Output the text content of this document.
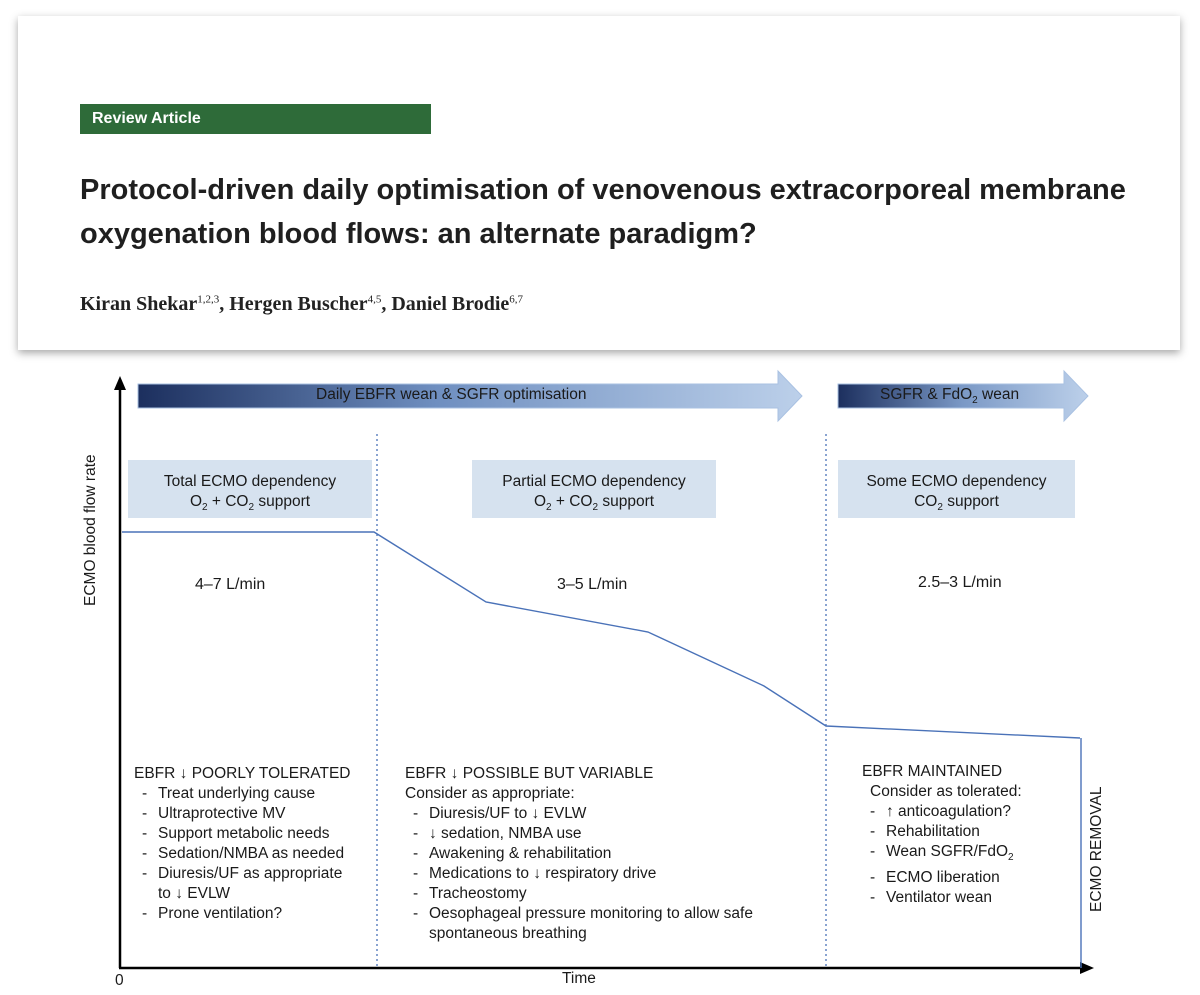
Review Article
Protocol-driven daily optimisation of venovenous extracorporeal membrane oxygenation blood flows: an alternate paradigm?
Kiran Shekar$^{1,2,3}$, Hergen Buscher$^{4,5}$, Daniel Brodie$^{6,7}$
Daily EBFR wean & SGFR optimisation	SGFR & FdO$_2$ wean
Total ECMO dependency
$O_2 + CO_2$ support
Partial ECMO dependency
$O_2 + CO_2$ support
Some ECMO dependency
$CO_2$ support
4–7 L/min	3–5 L/min	2.5–3 L/min
EBFR ↓ POORLY TOLERATED
- Treat underlying cause
- Ultraprotective MV
- Support metabolic needs
- Sedation/NMBA as needed
- Diuresis/UF as appropriate
to ↓ EVLW
- Prone ventilation?
EBFR ↓ POSSIBLE BUT VARIABLE
Consider as appropriate:
- Diuresis/UF to ↓ EVLW
- ↓ sedation, NMBA use
- Awakening & rehabilitation
- Medications to ↓ respiratory drive
- Tracheostomy
- Oesophageal pressure monitoring to allow safe
spontaneous breathing
EBFR MAINTAINED
Consider as tolerated:
- ↑ anticoagulation?
- Rehabilitation
- Wean SGFR/FdO$_2$
- ECMO liberation
- Ventilator wean
ECMO blood flow rate
Time
0
ECMO REMOVAL
